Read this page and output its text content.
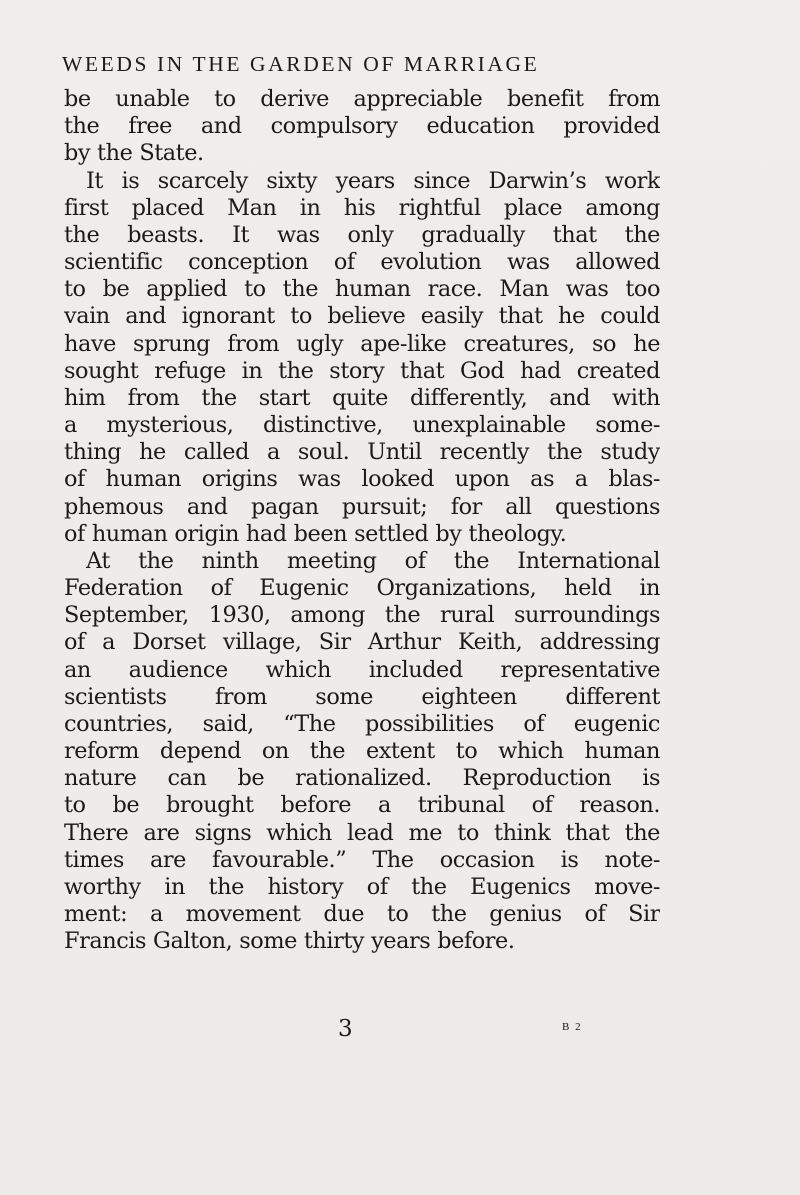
WEEDS IN THE GARDEN OF MARRIAGE
be unable to derive appreciable benefit from
the free and compulsory education provided
by the State.
It is scarcely sixty years since Darwin’s work
first placed Man in his rightful place among
the beasts. It was only gradually that the
scientific conception of evolution was allowed
to be applied to the human race. Man was too
vain and ignorant to believe easily that he could
have sprung from ugly ape-like creatures, so he
sought refuge in the story that God had created
him from the start quite differently, and with
a mysterious, distinctive, unexplainable some-
thing he called a soul. Until recently the study
of human origins was looked upon as a blas-
phemous and pagan pursuit; for all questions
of human origin had been settled by theology.
At the ninth meeting of the International
Federation of Eugenic Organizations, held in
September, 1930, among the rural surroundings
of a Dorset village, Sir Arthur Keith, addressing
an audience which included representative
scientists from some eighteen different
countries, said, “The possibilities of eugenic
reform depend on the extent to which human
nature can be rationalized. Reproduction is
to be brought before a tribunal of reason.
There are signs which lead me to think that the
times are favourable.” The occasion is note-
worthy in the history of the Eugenics move-
ment: a movement due to the genius of Sir
Francis Galton, some thirty years before.
3	B 2
